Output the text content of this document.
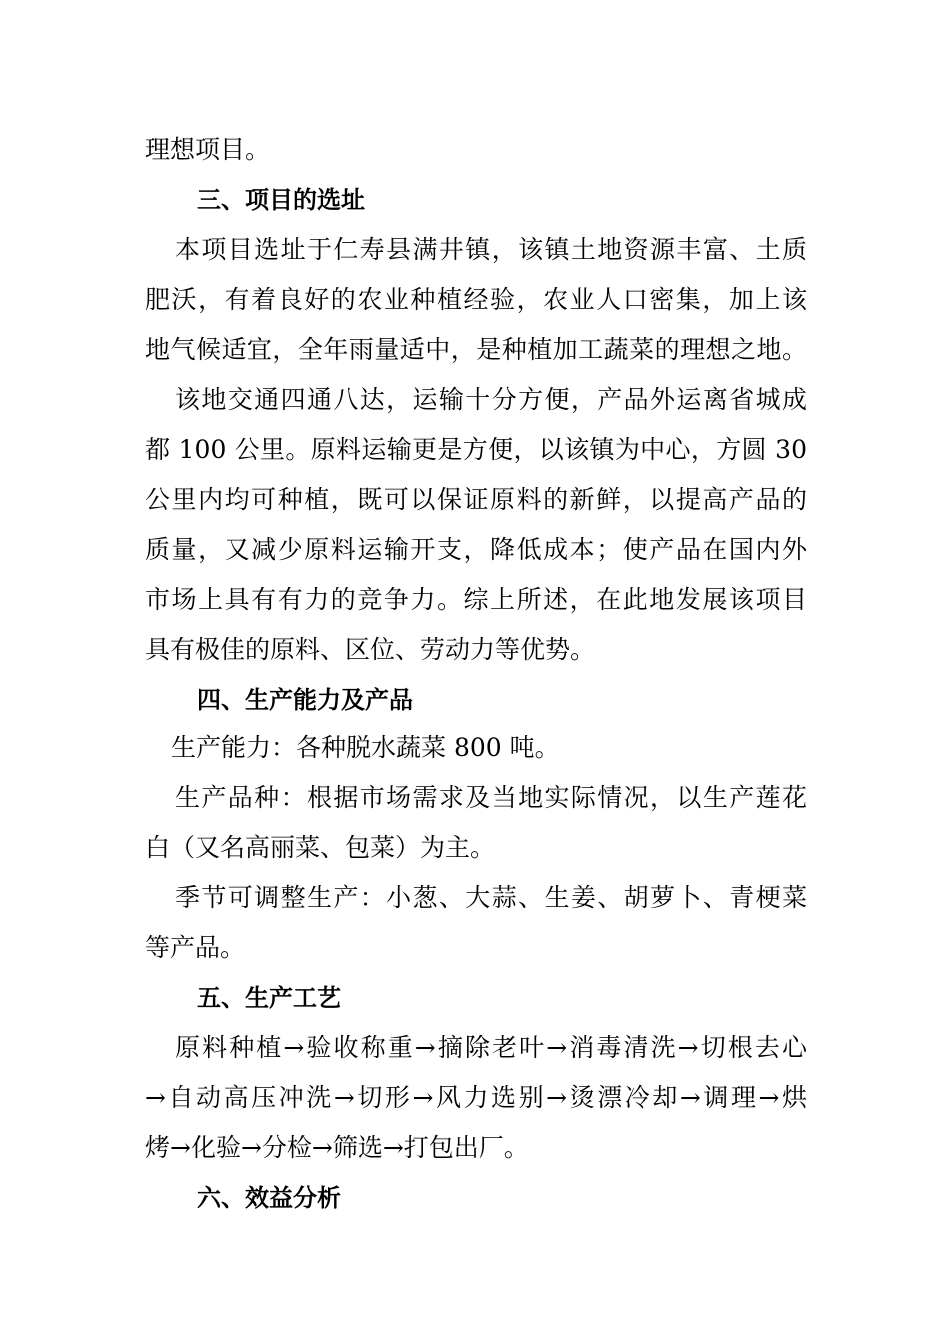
理想项目。
三、项目的选址
本项目选址于仁寿县满井镇，该镇土地资源丰富、土质
肥沃，有着良好的农业种植经验，农业人口密集，加上该
地气候适宜，全年雨量适中，是种植加工蔬菜的理想之地。
该地交通四通八达，运输十分方便，产品外运离省城成
都 100 公里。原料运输更是方便，以该镇为中心，方圆 30
公里内均可种植，既可以保证原料的新鲜，以提高产品的
质量，又减少原料运输开支，降低成本；使产品在国内外
市场上具有有力的竞争力。综上所述，在此地发展该项目
具有极佳的原料、区位、劳动力等优势。
四、生产能力及产品
生产能力：各种脱水蔬菜 800 吨。
生产品种：根据市场需求及当地实际情况，以生产莲花
白（又名高丽菜、包菜）为主。
季节可调整生产：小葱、大蒜、生姜、胡萝卜、青梗菜
等产品。
五、生产工艺
原料种植→验收称重→摘除老叶→消毒清洗→切根去心
→自动高压冲洗→切形→风力选别→烫漂冷却→调理→烘
烤→化验→分检→筛选→打包出厂。
六、效益分析
